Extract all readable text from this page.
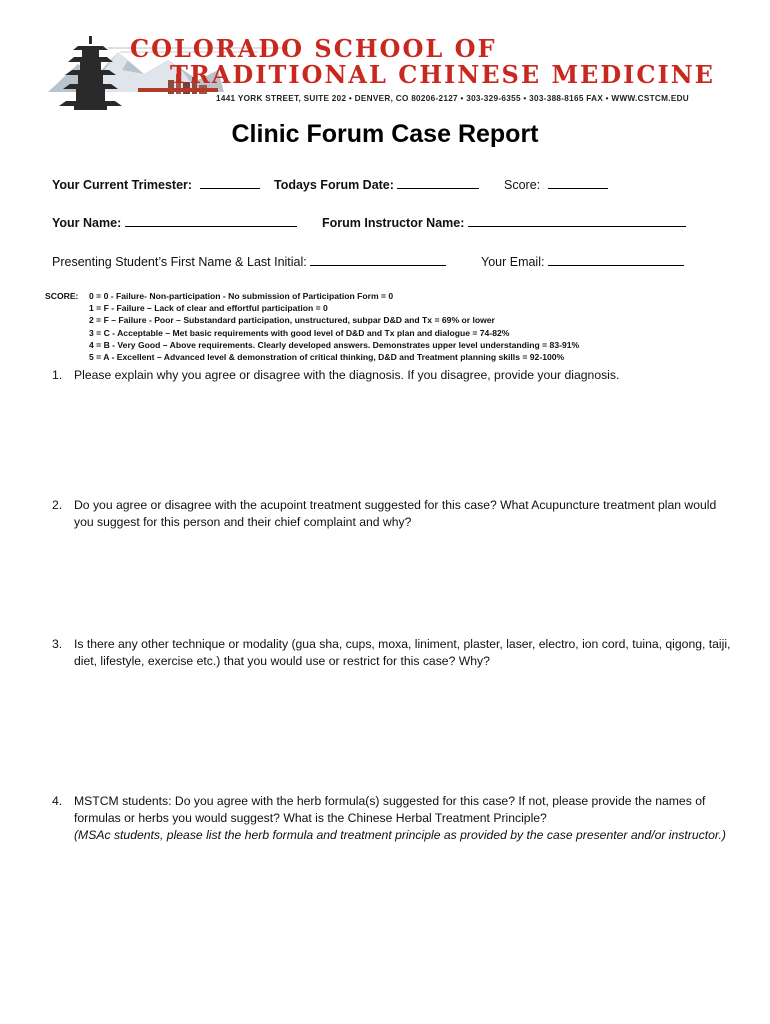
COLORADO SCHOOL OF
TRADITIONAL CHINESE MEDICINE
1441 YORK STREET, SUITE 202 • DENVER, CO 80206-2127 • 303-329-6355 • 303-388-8165 FAX • WWW.CSTCM.EDU
Clinic Forum Case Report
Your Current Trimester:	Todays Forum Date:	Score:
Your Name:	Forum Instructor Name:
Presenting Student’s First Name & Last Initial:	Your Email:
SCORE: 0 = 0 - Failure- Non-participation - No submission of Participation Form = 0
1 = F - Failure – Lack of clear and effortful participation = 0
2 = F – Failure - Poor – Substandard participation, unstructured, subpar D&D and Tx = 69% or lower
3 = C - Acceptable – Met basic requirements with good level of D&D and Tx plan and dialogue = 74-82%
4 = B - Very Good – Above requirements. Clearly developed answers. Demonstrates upper level understanding = 83-91%
5 = A - Excellent – Advanced level & demonstration of critical thinking, D&D and Treatment planning skills = 92-100%
1. Please explain why you agree or disagree with the diagnosis. If you disagree, provide your diagnosis.
2. Do you agree or disagree with the acupoint treatment suggested for this case? What Acupuncture treatment plan would you suggest for this person and their chief complaint and why?
3. Is there any other technique or modality (gua sha, cups, moxa, liniment, plaster, laser, electro, ion cord, tuina, qigong, taiji, diet, lifestyle, exercise etc.) that you would use or restrict for this case? Why?
4. MSTCM students: Do you agree with the herb formula(s) suggested for this case? If not, please provide the names of formulas or herbs you would suggest? What is the Chinese Herbal Treatment Principle?
(MSAc students, please list the herb formula and treatment principle as provided by the case presenter and/or instructor.)
